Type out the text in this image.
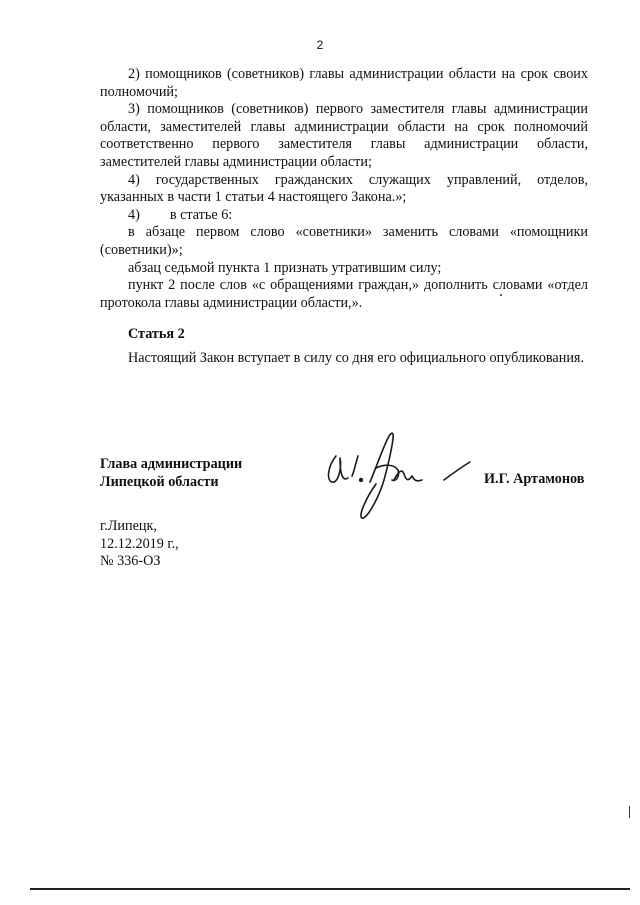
2

2) помощников (советников) главы администрации области на срок своих полномочий;

3) помощников (советников) первого заместителя главы администрации области, заместителей главы администрации области на срок полномочий соответственно первого заместителя главы администрации области, заместителей главы администрации области;

4) государственных гражданских служащих управлений, отделов, указанных в части 1 статьи 4 настоящего Закона.»;

4) в статье 6:

в абзаце первом слово «советники» заменить словами «помощники (советники)»;

абзац седьмой пункта 1 признать утратившим силу;

пункт 2 после слов «с обращениями граждан,» дополнить словами «отдел протокола главы администрации области,».

Статья 2

Настоящий Закон вступает в силу со дня его официального опубликования.

Глава администрации
Липецкой области	И.Г. Артамонов
г.Липецк,
12.12.2019 г.,
№ 336-ОЗ
